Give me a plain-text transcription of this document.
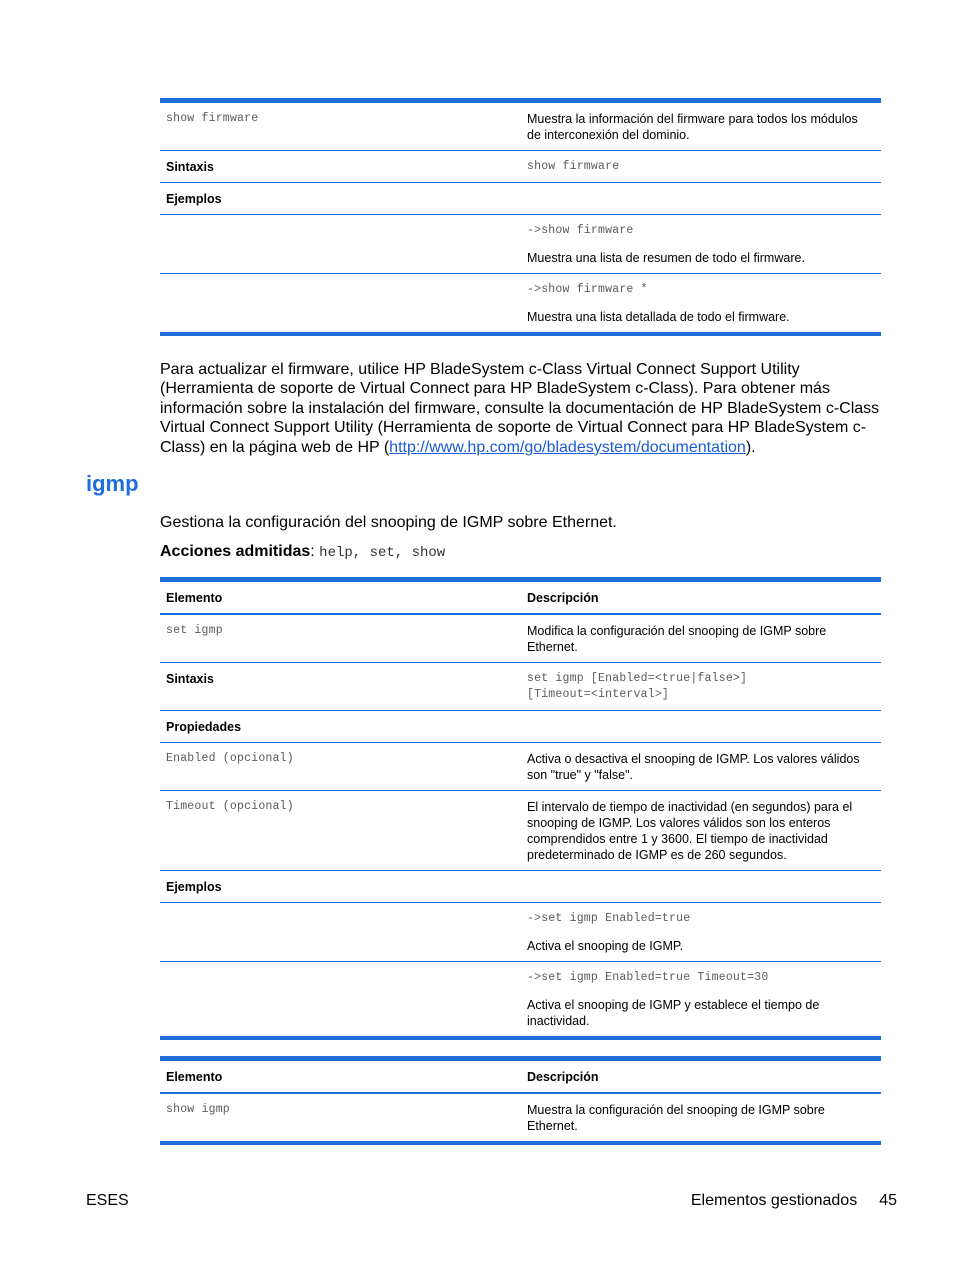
show firmware	Muestra la información del firmware para todos los módulos de interconexión del dominio.
Sintaxis	show firmware
Ejemplos
->show firmware
Muestra una lista de resumen de todo el firmware.
->show firmware *
Muestra una lista detallada de todo el firmware.
Para actualizar el firmware, utilice HP BladeSystem c-Class Virtual Connect Support Utility (Herramienta de soporte de Virtual Connect para HP BladeSystem c-Class). Para obtener más información sobre la instalación del firmware, consulte la documentación de HP BladeSystem c-Class Virtual Connect Support Utility (Herramienta de soporte de Virtual Connect para HP BladeSystem c-Class) en la página web de HP (http://www.hp.com/go/bladesystem/documentation).
igmp
Gestiona la configuración del snooping de IGMP sobre Ethernet.
Acciones admitidas: help, set, show
Elemento	Descripción
set igmp	Modifica la configuración del snooping de IGMP sobre Ethernet.
Sintaxis	set igmp [Enabled=<true|false>]
[Timeout=<interval>]
Propiedades
Enabled (opcional)	Activa o desactiva el snooping de IGMP. Los valores válidos son "true" y "false".
Timeout (opcional)	El intervalo de tiempo de inactividad (en segundos) para el snooping de IGMP. Los valores válidos son los enteros comprendidos entre 1 y 3600. El tiempo de inactividad predeterminado de IGMP es de 260 segundos.
Ejemplos
->set igmp Enabled=true
Activa el snooping de IGMP.
->set igmp Enabled=true Timeout=30
Activa el snooping de IGMP y establece el tiempo de inactividad.
Elemento	Descripción
show igmp	Muestra la configuración del snooping de IGMP sobre Ethernet.
ESES	Elementos gestionados 45
